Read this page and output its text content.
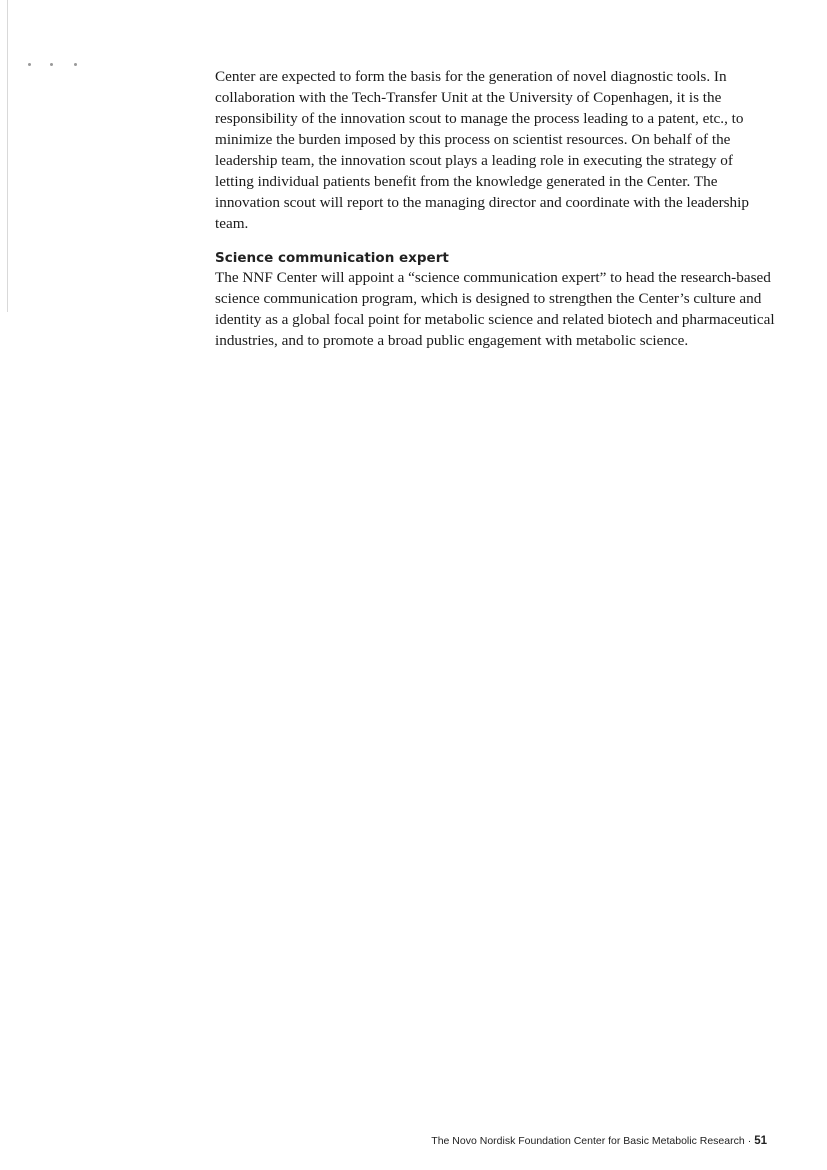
Center are expected to form the basis for the generation of novel diagnostic tools. In collaboration with the Tech-Transfer Unit at the University of Copenhagen, it is the responsibility of the innovation scout to manage the process leading to a patent, etc., to minimize the burden imposed by this process on scientist resources. On behalf of the leadership team, the innovation scout plays a leading role in executing the strategy of letting individual patients benefit from the knowledge generated in the Center. The innovation scout will report to the managing director and coordinate with the leadership team.

Science communication expert

The NNF Center will appoint a “science communication expert” to head the research-based science communication program, which is designed to strengthen the Center’s culture and identity as a global focal point for metabolic science and related biotech and pharmaceutical industries, and to promote a broad public engagement with metabolic science.

The Novo Nordisk Foundation Center for Basic Metabolic Research · 51
